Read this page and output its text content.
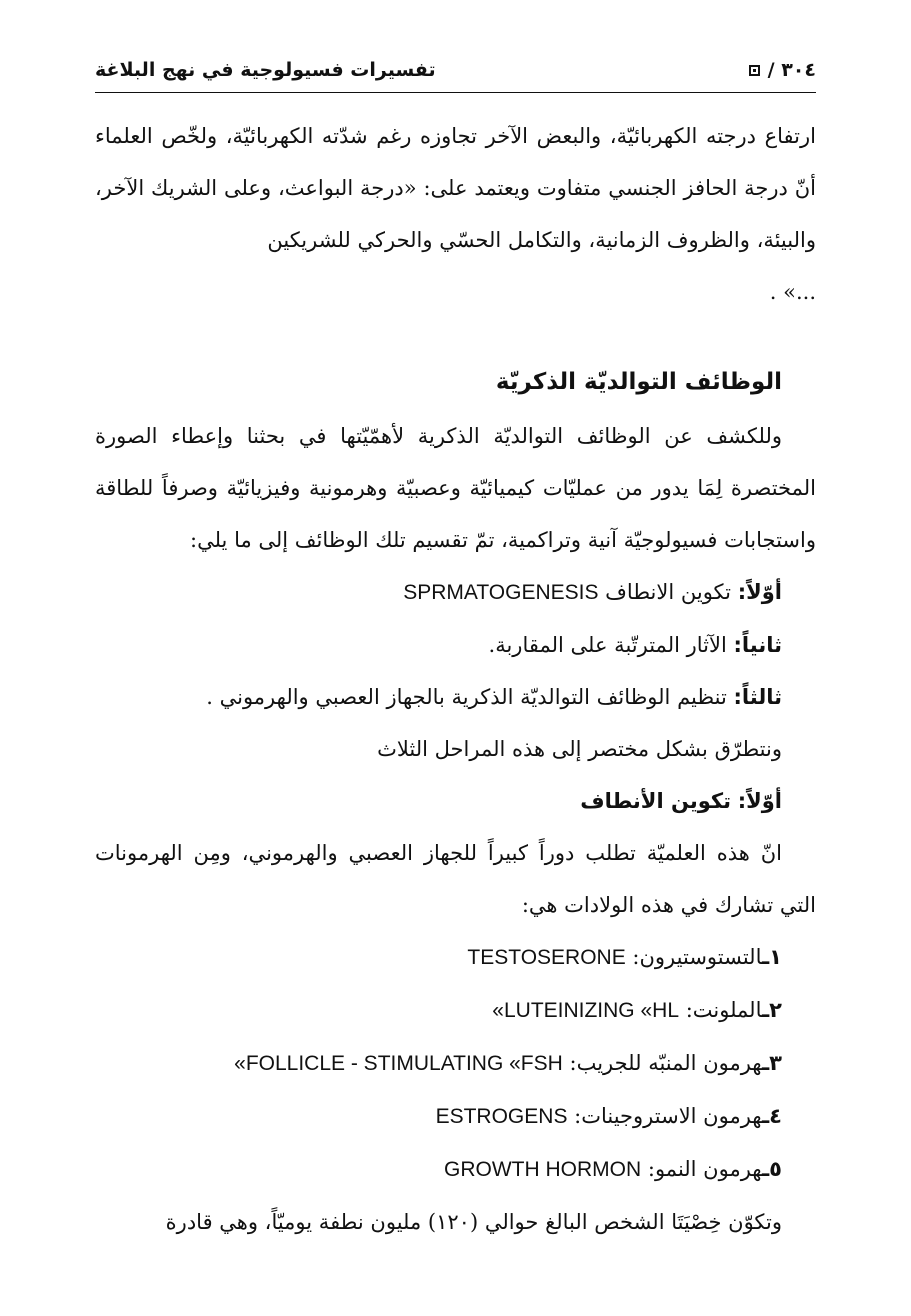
٣٠٤ /
تفسيرات فسيولوجية في نهج البلاغة

ارتفاع درجته الكهربائيّة، والبعض الآخر تجاوزه رغم شدّته الكهربائيّة، ولخّص العلماء أنّ درجة الحافز الجنسي متفاوت ويعتمد على: «درجة البواعث، وعلى الشريك الآخر، والبيئة، والظروف الزمانية، والتكامل الحسّي والحركي للشريكين

...» .

الوظائف التوالديّة الذكريّة

وللكشف عن الوظائف التوالديّة الذكرية لأهمّيّتها في بحثنا وإعطاء الصورة المختصرة لِمَا يدور من عمليّات كيميائيّة وعصبيّة وهرمونية وفيزيائيّة وصرفاً للطاقة واستجابات فسيولوجيّة آنية وتراكمية، تمّ تقسيم تلك الوظائف إلى ما يلي:

أوّلاً: تكوين الانطاف SPRMATOGENESIS

ثانياً: الآثار المترتّبة على المقاربة.

ثالثاً: تنظيم الوظائف التوالديّة الذكرية بالجهاز العصبي والهرموني .

ونتطرّق بشكل مختصر إلى هذه المراحل الثلاث

أوّلاً: تكوين الأنطاف

انّ هذه العلميّة تطلب دوراً كبيراً للجهاز العصبي والهرموني، ومِن الهرمونات التي تشارك في هذه الولادات هي:

١ـالتستوستيرون: TESTOSERONE

٢ـالملونت: LUTEINIZING «HL»

٣ـهرمون المنبّه للجريب: FOLLICLE - STIMULATING «FSH»

٤ـهرمون الاستروجينات: ESTROGENS

٥ـهرمون النمو: GROWTH HORMON

وتكوّن خِصْيَتَا الشخص البالغ حوالي (١٢٠) مليون نطفة يوميّاً، وهي قادرة
